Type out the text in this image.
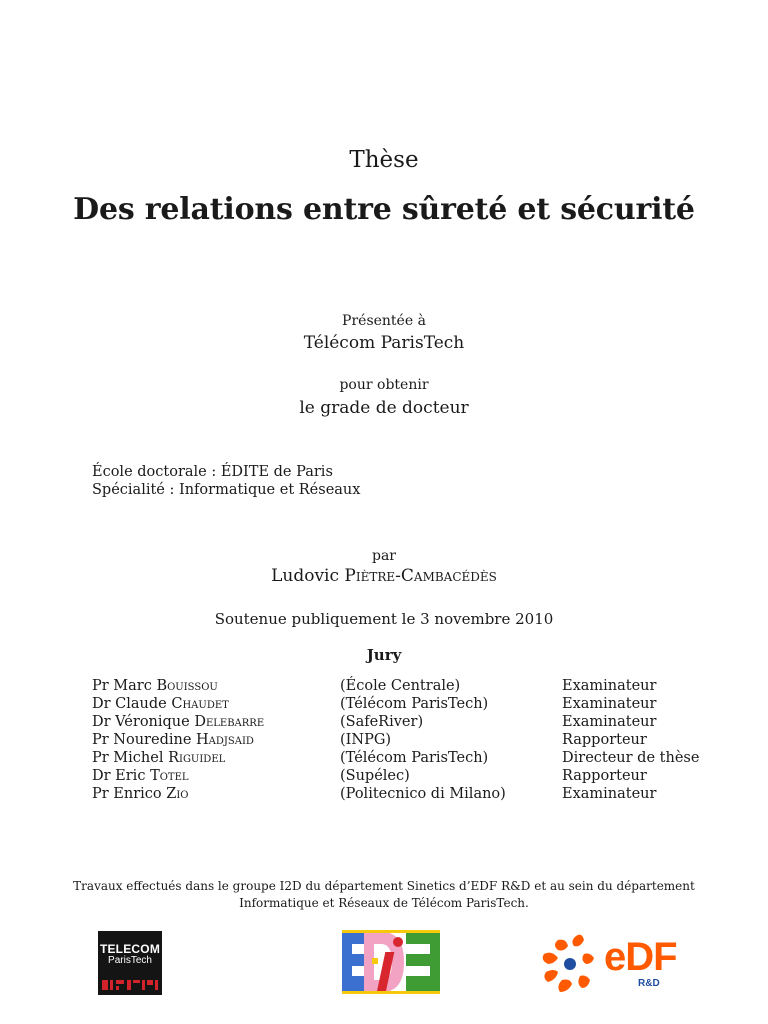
Thèse
Des relations entre sûreté et sécurité
Présentée à
Télécom ParisTech
pour obtenir
le grade de docteur
École doctorale : ÉDITE de Paris
Spécialité : Informatique et Réseaux
par
Ludovic Piètre-Cambacédès
Soutenue publiquement le 3 novembre 2010
Jury
Pr Marc Bouissou	(École Centrale)	Examinateur
Dr Claude Chaudet	(Télécom ParisTech)	Examinateur
Dr Véronique Delebarre	(SafeRiver)	Examinateur
Pr Nouredine Hadjsaid	(INPG)	Rapporteur
Pr Michel Riguidel	(Télécom ParisTech)	Directeur de thèse
Dr Eric Totel	(Supélec)	Rapporteur
Pr Enrico Zio	(Politecnico di Milano)	Examinateur
Travaux effectués dans le groupe I2D du département Sinetics d’EDF R&D et au sein du département
Informatique et Réseaux de Télécom ParisTech.
TELECOM
ParisTech	eDF
R&D
